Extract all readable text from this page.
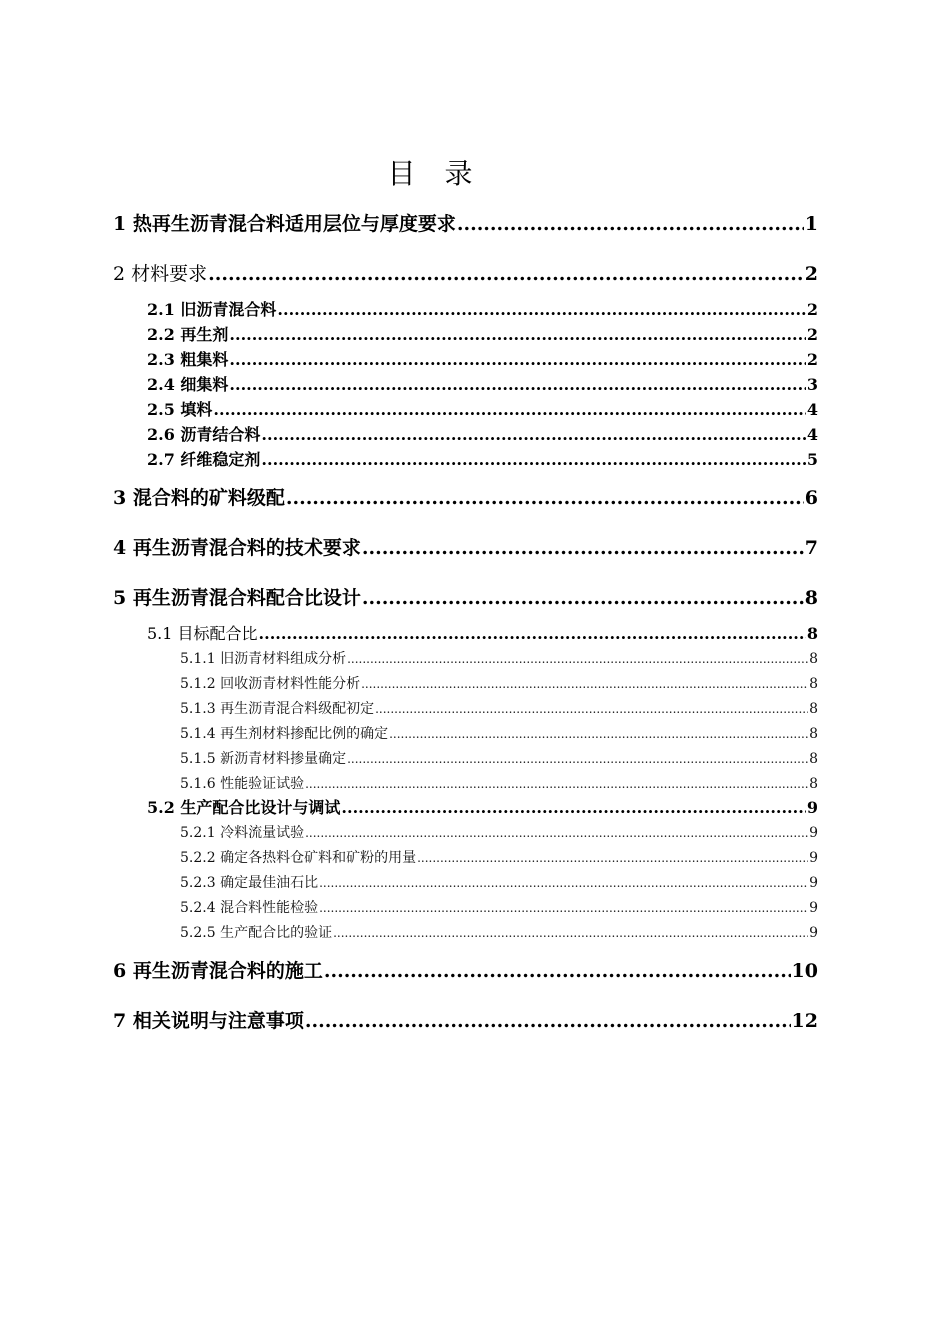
目 录
1 热再生沥青混合料适用层位与厚度要求 .....	1
2 材料要求 .....	2
2.1 旧沥青混合料 .....	2
2.2 再生剂 .....	2
2.3 粗集料 .....	2
2.4 细集料 .....	3
2.5 填料 .....	4
2.6 沥青结合料 .....	4
2.7 纤维稳定剂 .....	5
3 混合料的矿料级配 .....	6
4 再生沥青混合料的技术要求 .....	7
5 再生沥青混合料配合比设计 .....	8
5.1 目标配合比 .....	8
5.1.1 旧沥青材料组成分析 .....	8
5.1.2 回收沥青材料性能分析 .....	8
5.1.3 再生沥青混合料级配初定 .....	8
5.1.4 再生剂材料掺配比例的确定 .....	8
5.1.5 新沥青材料掺量确定 .....	8
5.1.6 性能验证试验 .....	8
5.2 生产配合比设计与调试 .....	9
5.2.1 冷料流量试验 .....	9
5.2.2 确定各热料仓矿料和矿粉的用量 .....	9
5.2.3 确定最佳油石比 .....	9
5.2.4 混合料性能检验 .....	9
5.2.5 生产配合比的验证 .....	9
6 再生沥青混合料的施工 .....	10
7 相关说明与注意事项 .....	12
